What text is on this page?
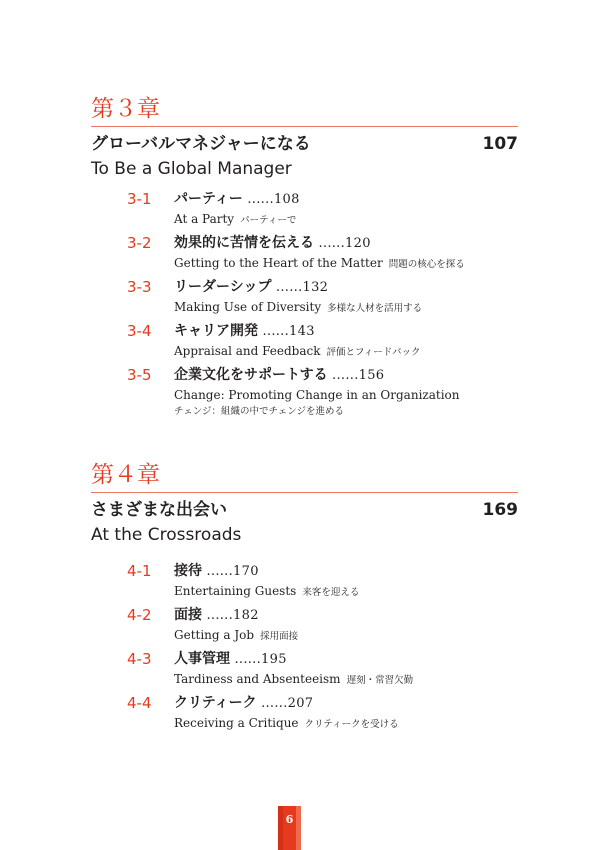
第３章
グローバルマネジャーになる	107
To Be a Global Manager
3-1 パーティー ......108
At a Party パーティーで
3-2 効果的に苦情を伝える ......120
Getting to the Heart of the Matter 問題の核心を探る
3-3 リーダーシップ ......132
Making Use of Diversity 多様な人材を活用する
3-4 キャリア開発 ......143
Appraisal and Feedback 評価とフィードバック
3-5 企業文化をサポートする ......156
Change: Promoting Change in an Organization
チェンジ：組織の中でチェンジを進める
第４章
さまざまな出会い	169
At the Crossroads
4-1 接待 ......170
Entertaining Guests 来客を迎える
4-2 面接 ......182
Getting a Job 採用面接
4-3 人事管理 ......195
Tardiness and Absenteeism 遅刻・常習欠勤
4-4 クリティーク ......207
Receiving a Critique クリティークを受ける
6
